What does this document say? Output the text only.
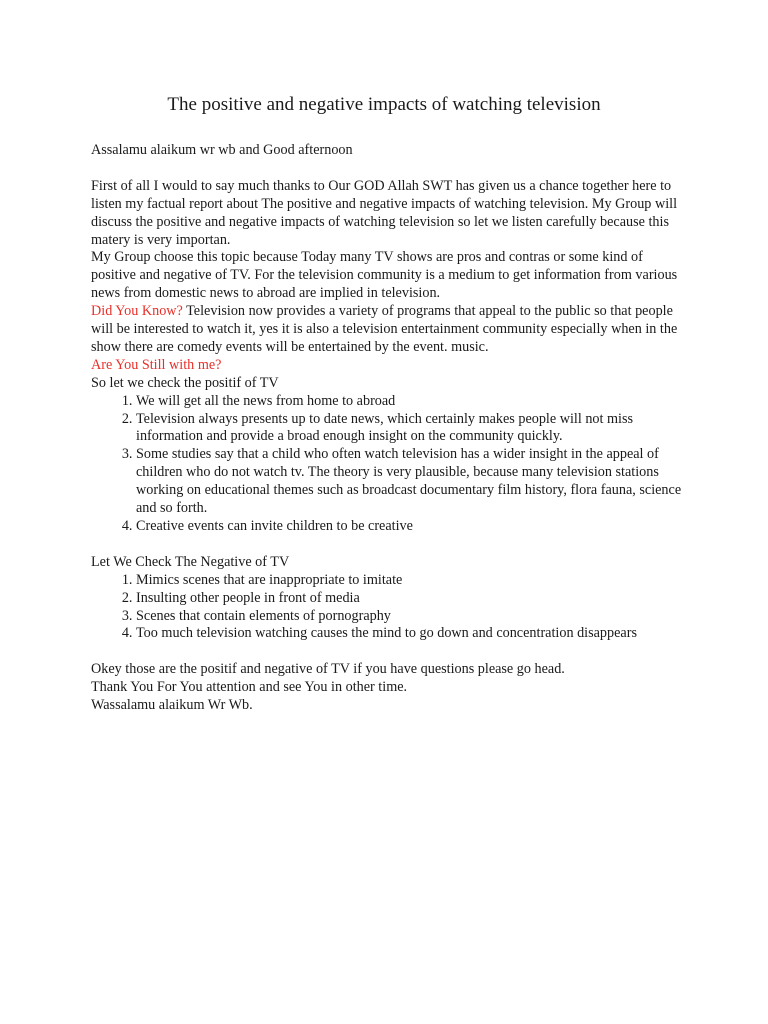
The positive and negative impacts of watching television

Assalamu alaikum wr wb and Good afternoon

First of all I would to say much thanks to Our GOD Allah SWT has given us a chance together here to listen my factual report about The positive and negative impacts of watching television. My Group will discuss the positive and negative impacts of watching television so let we listen carefully because this matery is very importan.

My Group choose this topic because Today many TV shows are pros and contras or some kind of positive and negative of TV. For the television community is a medium to get information from various news from domestic news to abroad are implied in television.

Did You Know? Television now provides a variety of programs that appeal to the public so that people will be interested to watch it, yes it is also a television entertainment community especially when in the show there are comedy events will be entertained by the event. music.

Are You Still with me?

So let we check the positif of TV

1. We will get all the news from home to abroad
2. Television always presents up to date news, which certainly makes people will not miss information and provide a broad enough insight on the community quickly.
3. Some studies say that a child who often watch television has a wider insight in the appeal of children who do not watch tv. The theory is very plausible, because many television stations working on educational themes such as broadcast documentary film history, flora fauna, science and so forth.
4. Creative events can invite children to be creative

Let We Check The Negative of TV

1. Mimics scenes that are inappropriate to imitate
2. Insulting other people in front of media
3. Scenes that contain elements of pornography
4. Too much television watching causes the mind to go down and concentration disappears

Okey those are the positif and negative of TV if you have questions please go head.

Thank You For You attention and see You in other time.

Wassalamu alaikum Wr Wb.
